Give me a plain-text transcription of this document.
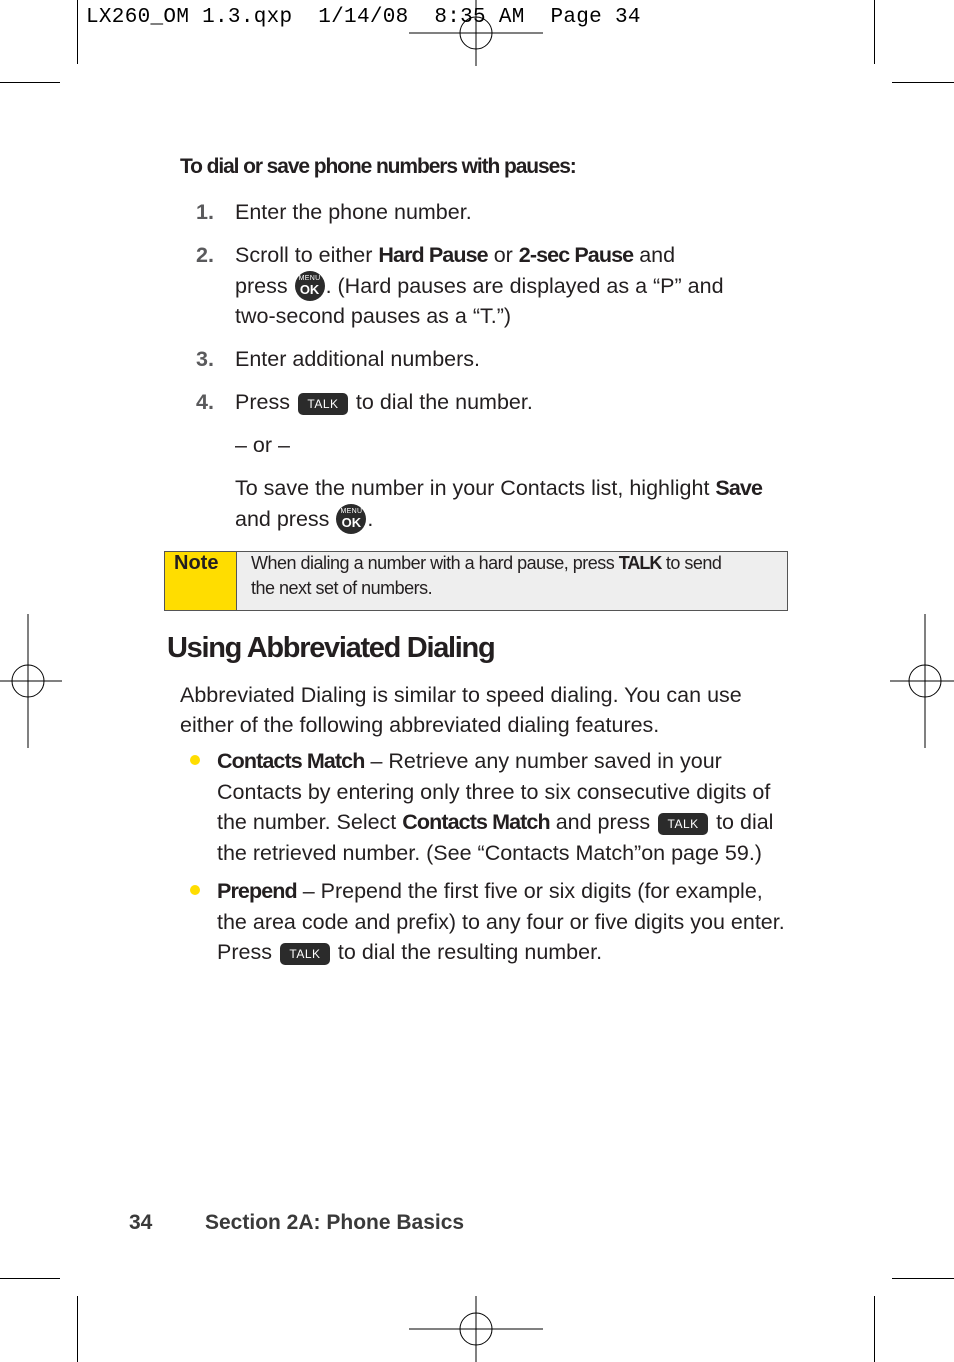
LX260_OM 1.3.qxp  1/14/08  8:35 AM  Page 34
To dial or save phone numbers with pauses:
1. Enter the phone number.
2. Scroll to either Hard Pause or 2-sec Pause and
press MENU
OK . (Hard pauses are displayed as a “P” and
two-second pauses as a “T.”)
3. Enter additional numbers.
4. Press TALK to dial the number.
– or –
To save the number in your Contacts list, highlight Save
and press MENU
OK .
Note When dialing a number with a hard pause, press TALK to send
the next set of numbers.
Using Abbreviated Dialing
Abbreviated Dialing is similar to speed dialing. You can use
either of the following abbreviated dialing features.
Contacts Match – Retrieve any number saved in your
Contacts by entering only three to six consecutive digits of
the number. Select Contacts Match and press TALK to dial
the retrieved number. (See “Contacts Match”on page 59.)
Prepend – Prepend the first five or six digits (for example,
the area code and prefix) to any four or five digits you enter.
Press TALK to dial the resulting number.
34	Section 2A: Phone Basics
